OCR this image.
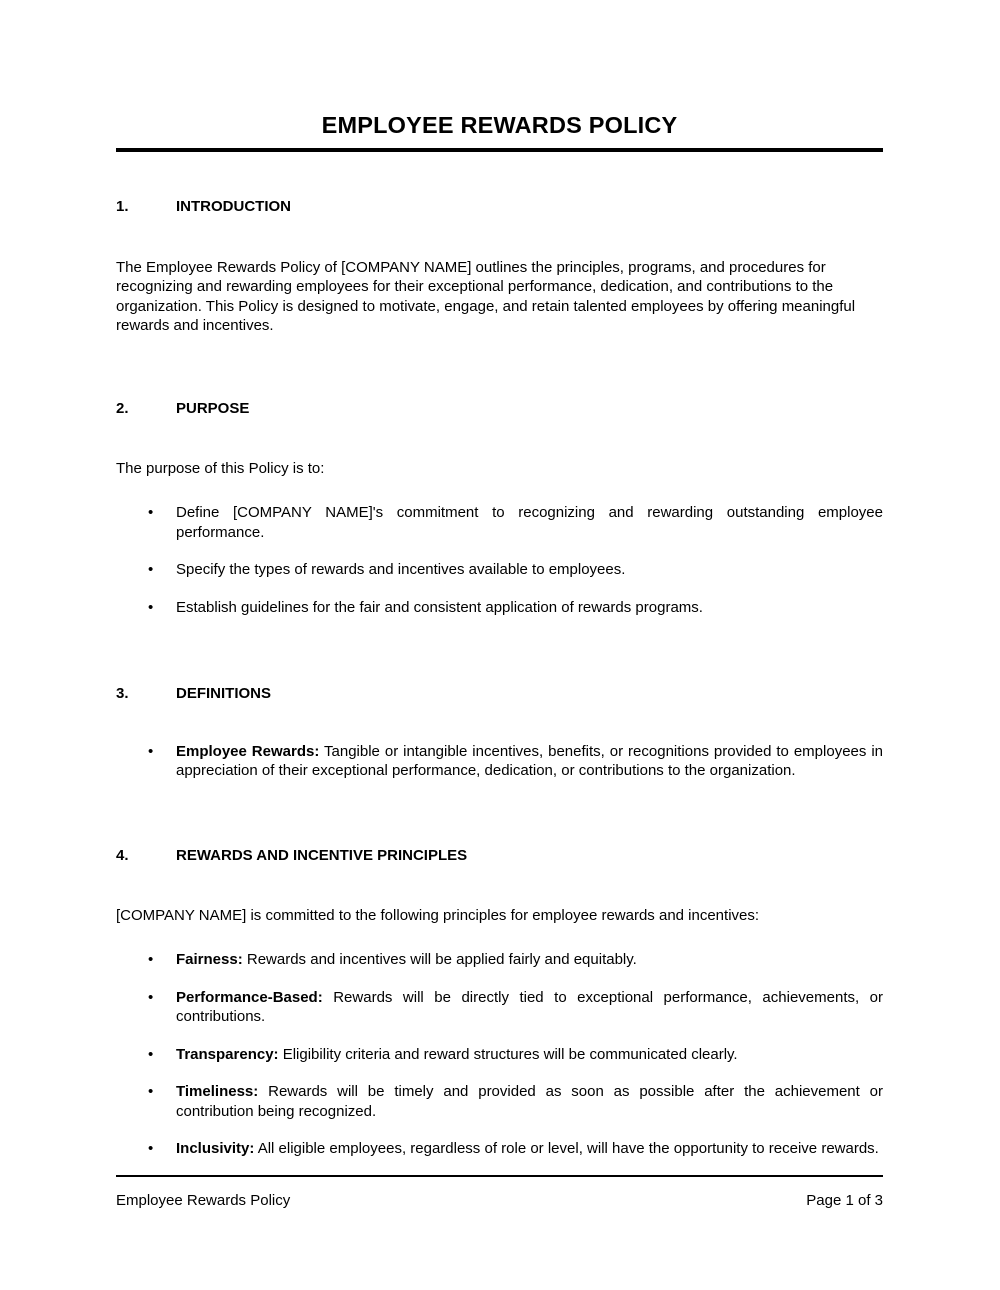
EMPLOYEE REWARDS POLICY
1.	INTRODUCTION

The Employee Rewards Policy of [COMPANY NAME] outlines the principles, programs, and procedures for recognizing and rewarding employees for their exceptional performance, dedication, and contributions to the organization. This Policy is designed to motivate, engage, and retain talented employees by offering meaningful rewards and incentives.

2.	PURPOSE

The purpose of this Policy is to:

• Define [COMPANY NAME]'s commitment to recognizing and rewarding outstanding employee performance.
• Specify the types of rewards and incentives available to employees.
• Establish guidelines for the fair and consistent application of rewards programs.
3.	DEFINITIONS
• Employee Rewards: Tangible or intangible incentives, benefits, or recognitions provided to employees in appreciation of their exceptional performance, dedication, or contributions to the organization.
4.	REWARDS AND INCENTIVE PRINCIPLES

[COMPANY NAME] is committed to the following principles for employee rewards and incentives:

• Fairness: Rewards and incentives will be applied fairly and equitably.
• Performance-Based: Rewards will be directly tied to exceptional performance, achievements, or contributions.
• Transparency: Eligibility criteria and reward structures will be communicated clearly.
• Timeliness: Rewards will be timely and provided as soon as possible after the achievement or contribution being recognized.
• Inclusivity: All eligible employees, regardless of role or level, will have the opportunity to receive rewards.
Employee Rewards Policy	Page 1 of 3
